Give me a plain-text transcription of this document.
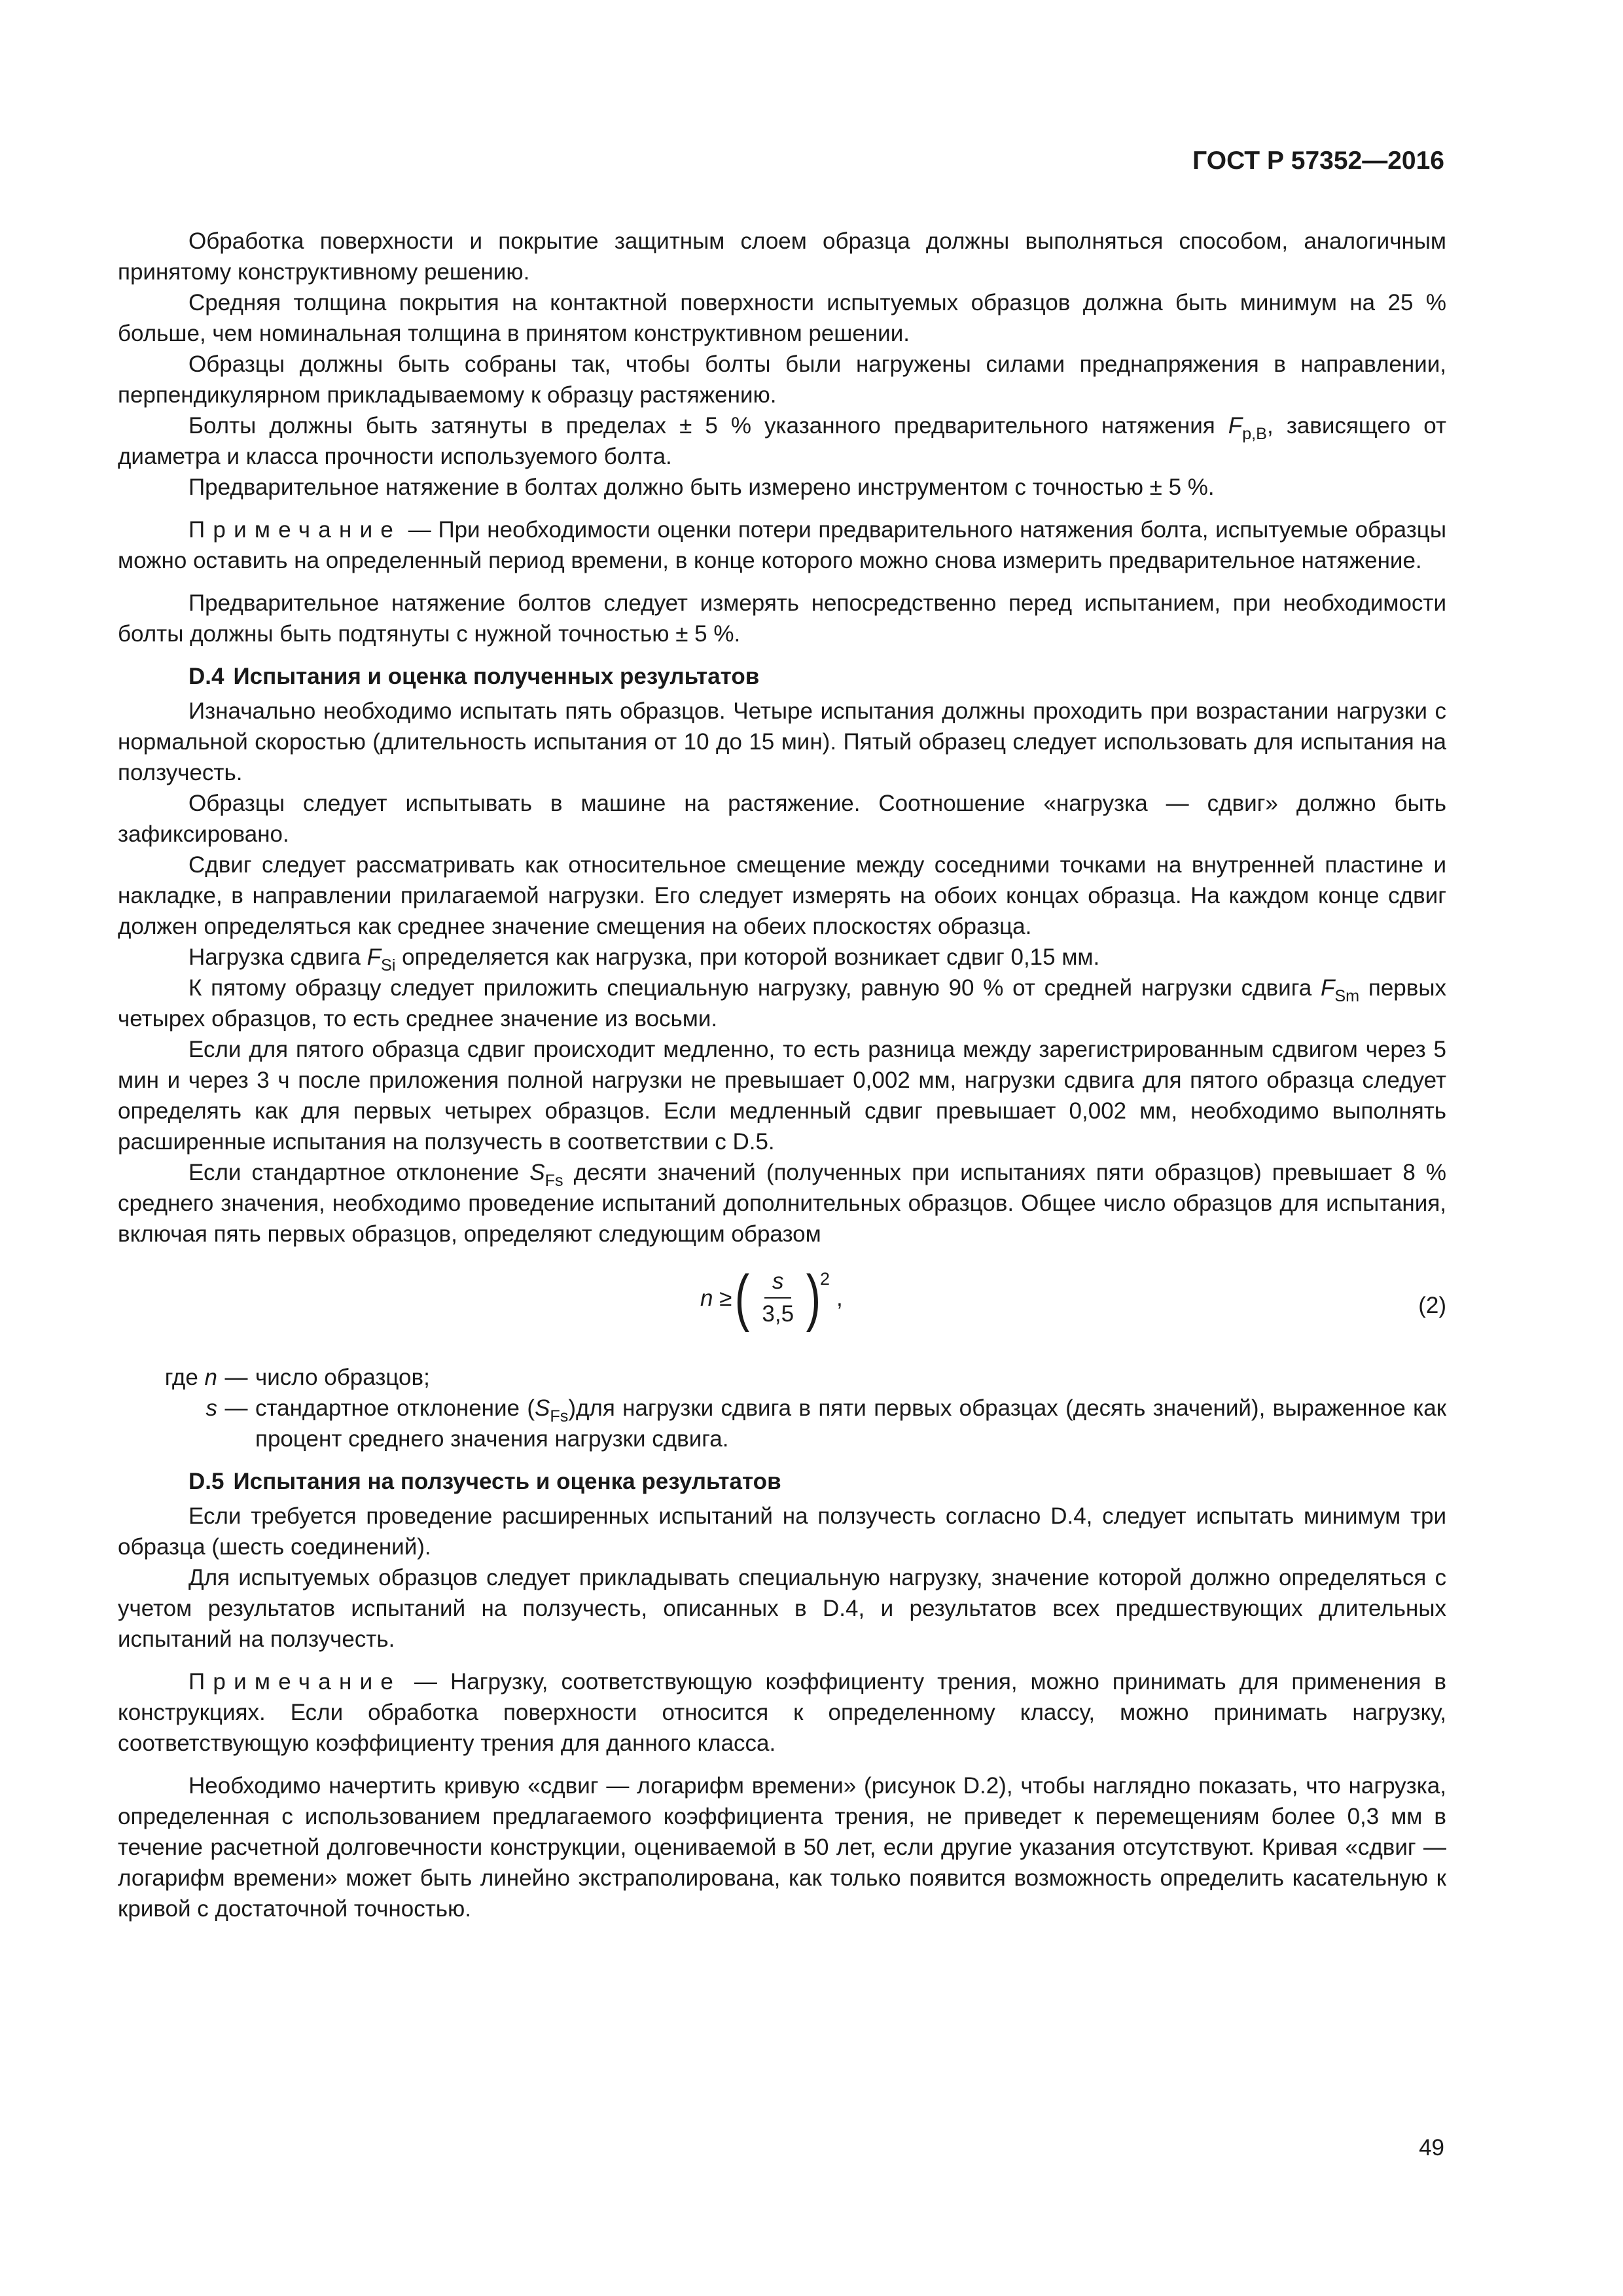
ГОСТ Р 57352—2016

Обработка поверхности и покрытие защитным слоем образца должны выполняться способом, аналогичным принятому конструктивному решению.

Средняя толщина покрытия на контактной поверхности испытуемых образцов должна быть минимум на 25 % больше, чем номинальная толщина в принятом конструктивном решении.

Образцы должны быть собраны так, чтобы болты были нагружены силами преднапряжения в направлении, перпендикулярном прикладываемому к образцу растяжению.

Болты должны быть затянуты в пределах ± 5 % указанного предварительного натяжения $F_{p,B}$, зависящего от диаметра и класса прочности используемого болта.

Предварительное натяжение в болтах должно быть измерено инструментом с точностью ± 5 %.

Примечание — При необходимости оценки потери предварительного натяжения болта, испытуемые образцы можно оставить на определенный период времени, в конце которого можно снова измерить предварительное натяжение.

Предварительное натяжение болтов следует измерять непосредственно перед испытанием, при необходимости болты должны быть подтянуты с нужной точностью ± 5 %.

D.4 Испытания и оценка полученных результатов

Изначально необходимо испытать пять образцов. Четыре испытания должны проходить при возрастании нагрузки с нормальной скоростью (длительность испытания от 10 до 15 мин). Пятый образец следует использовать для испытания на ползучесть.

Образцы следует испытывать в машине на растяжение. Соотношение «нагрузка — сдвиг» должно быть зафиксировано.

Сдвиг следует рассматривать как относительное смещение между соседними точками на внутренней пластине и накладке, в направлении прилагаемой нагрузки. Его следует измерять на обоих концах образца. На каждом конце сдвиг должен определяться как среднее значение смещения на обеих плоскостях образца.

Нагрузка сдвига $F_{Si}$ определяется как нагрузка, при которой возникает сдвиг 0,15 мм.

К пятому образцу следует приложить специальную нагрузку, равную 90 % от средней нагрузки сдвига $F_{Sm}$ первых четырех образцов, то есть среднее значение из восьми.

Если для пятого образца сдвиг происходит медленно, то есть разница между зарегистрированным сдвигом через 5 мин и через 3 ч после приложения полной нагрузки не превышает 0,002 мм, нагрузки сдвига для пятого образца следует определять как для первых четырех образцов. Если медленный сдвиг превышает 0,002 мм, необходимо выполнять расширенные испытания на ползучесть в соответствии с D.5.

Если стандартное отклонение $S_{Fs}$ десяти значений (полученных при испытаниях пяти образцов) превышает 8 % среднего значения, необходимо проведение испытаний дополнительных образцов. Общее число образцов для испытания, включая пять первых образцов, определяют следующим образом

n ≥ ( $\frac{s}{3,5}$ )
2
,	(2)
где n — число образцов;
s — стандартное отклонение $(S_{Fs})для$ нагрузки сдвига в пяти первых образцах (десять значений), выраженное как процент среднего значения нагрузки сдвига.
D.5 Испытания на ползучесть и оценка результатов

Если требуется проведение расширенных испытаний на ползучесть согласно D.4, следует испытать минимум три образца (шесть соединений).

Для испытуемых образцов следует прикладывать специальную нагрузку, значение которой должно определяться с учетом результатов испытаний на ползучесть, описанных в D.4, и результатов всех предшествующих длительных испытаний на ползучесть.

Примечание — Нагрузку, соответствующую коэффициенту трения, можно принимать для применения в конструкциях. Если обработка поверхности относится к определенному классу, можно принимать нагрузку, соответствующую коэффициенту трения для данного класса.

Необходимо начертить кривую «сдвиг — логарифм времени» (рисунок D.2), чтобы наглядно показать, что нагрузка, определенная с использованием предлагаемого коэффициента трения, не приведет к перемещениям более 0,3 мм в течение расчетной долговечности конструкции, оцениваемой в 50 лет, если другие указания отсутствуют. Кривая «сдвиг — логарифм времени» может быть линейно экстраполирована, как только появится возможность определить касательную к кривой с достаточной точностью.

49
